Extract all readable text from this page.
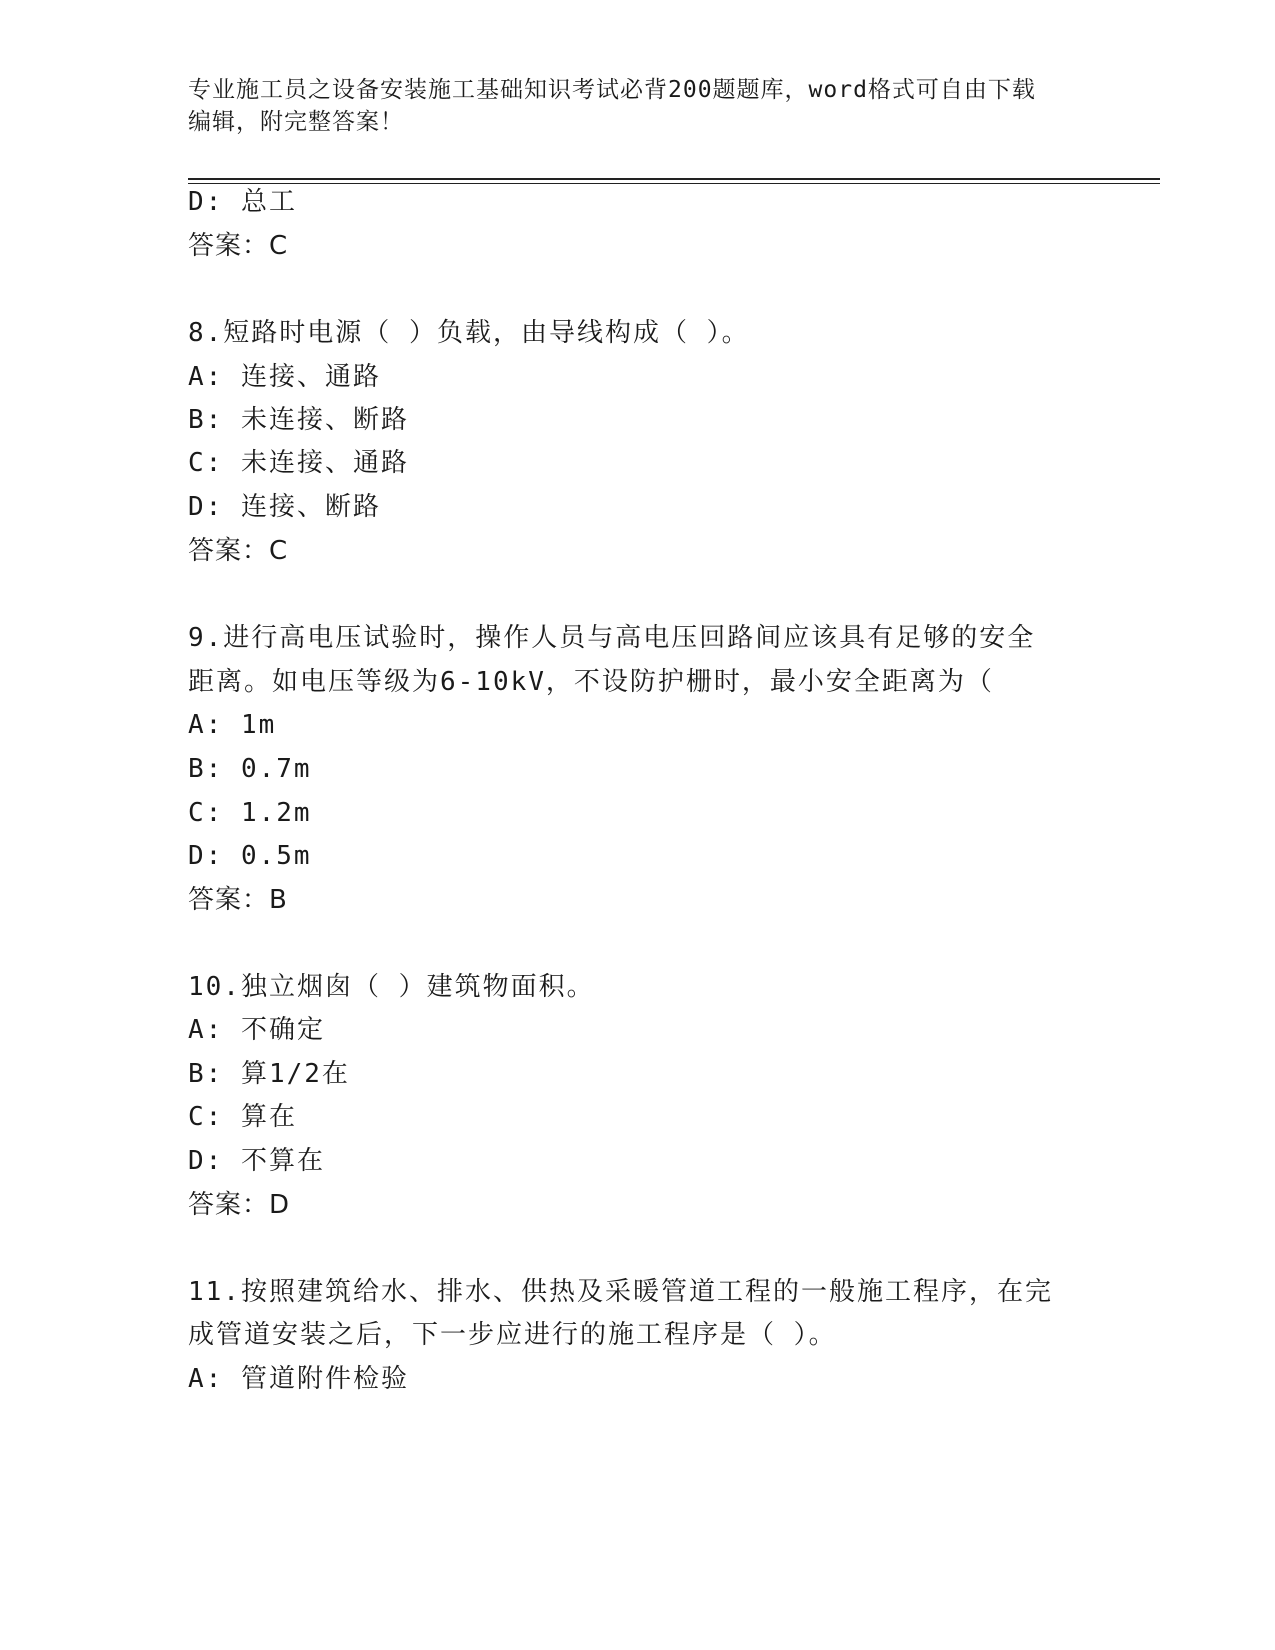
专业施工员之设备安装施工基础知识考试必背200题题库，word格式可自由下载
编辑，附完整答案！
D: 总工
答案：C
8.短路时电源（ ）负载，由导线构成（ ）。
A: 连接、通路
B: 未连接、断路
C: 未连接、通路
D: 连接、断路
答案：C
9.进行高电压试验时，操作人员与高电压回路间应该具有足够的安全
距离。如电压等级为6-10kV，不设防护栅时，最小安全距离为（
A: 1m
B: 0.7m
C: 1.2m
D: 0.5m
答案：B
10.独立烟囱（ ）建筑物面积。
A: 不确定
B: 算1/2在
C: 算在
D: 不算在
答案：D
11.按照建筑给水、排水、供热及采暖管道工程的一般施工程序，在完
成管道安装之后，下一步应进行的施工程序是（ ）。
A: 管道附件检验
